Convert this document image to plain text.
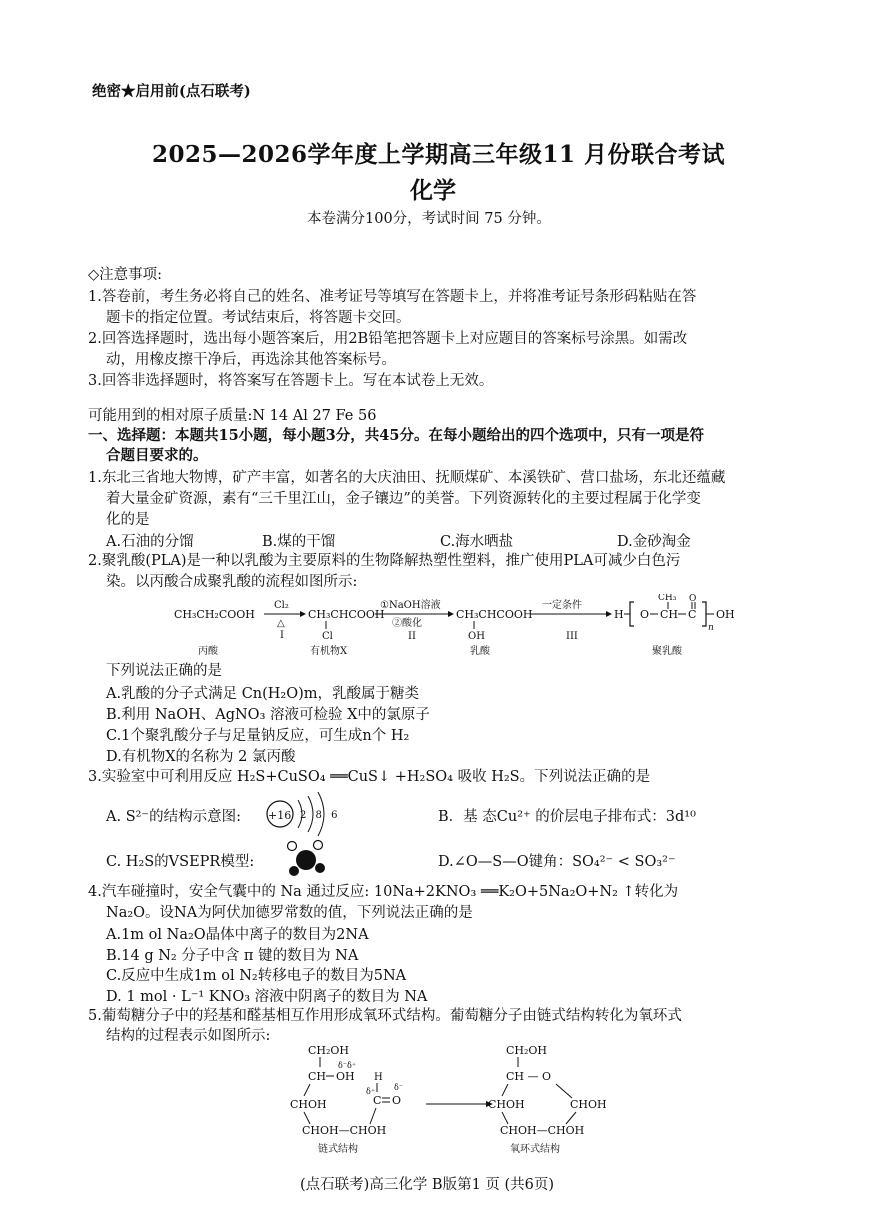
绝密★启用前(点石联考)
2025—2026学年度上学期高三年级11 月份联合考试
化学
本卷满分100分，考试时间 75 分钟。
◇注意事项:
1.答卷前，考生务必将自己的姓名、准考证号等填写在答题卡上，并将准考证号条形码粘贴在答
题卡的指定位置。考试结束后，将答题卡交回。
2.回答选择题时，选出每小题答案后，用2B铅笔把答题卡上对应题目的答案标号涂黑。如需改
动，用橡皮擦干净后，再选涂其他答案标号。
3.回答非选择题时，将答案写在答题卡上。写在本试卷上无效。
可能用到的相对原子质量:N 14 Al 27 Fe 56
一、选择题：本题共15小题，每小题3分，共45分。在每小题给出的四个选项中，只有一项是符
合题目要求的。
1.东北三省地大物博，矿产丰富，如著名的大庆油田、抚顺煤矿、本溪铁矿、营口盐场，东北还蕴藏
着大量金矿资源，素有“三千里江山，金子镶边”的美誉。下列资源转化的主要过程属于化学变
化的是
A.石油的分馏	B.煤的干馏	C.海水晒盐	D.金砂淘金
2.聚乳酸(PLA)是一种以乳酸为主要原料的生物降解热塑性塑料，推广使用PLA可减少白色污
染。以丙酸合成聚乳酸的流程如图所示:
CH₃CH₂COOH
Cl₂
△
I
CH₃CHCOOH
Cl
①NaOH溶液
②酸化
II
CH₃CHCOOH
OH
一定条件
III
H O CH
CH₃
C
O
n
OH
丙酸	有机物X	乳酸	聚乳酸
下列说法正确的是
A.乳酸的分子式满足 Cn(H₂O)m，乳酸属于糖类
B.利用 NaOH、AgNO₃ 溶液可检验 X中的氯原子
C.1个聚乳酸分子与足量钠反应，可生成n个 H₂
D.有机物X的名称为 2 氯丙酸
3.实验室中可利用反应 H₂S+CuSO₄ ══CuS↓ +H₂SO₄ 吸收 H₂S。下列说法正确的是
A. S²⁻的结构示意图: +16 2 8 6	B．基 态Cu²⁺ 的价层电子排布式：3d¹⁰
C. H₂S的VSEPR模型:	D.∠O—S—O键角：SO₄²⁻ < SO₃²⁻
4.汽车碰撞时，安全气囊中的 Na 通过反应: 10Na+2KNO₃ ══K₂O+5Na₂O+N₂ ↑转化为
Na₂O。设NA为阿伏加德罗常数的值，下列说法正确的是
A.1m ol Na₂O晶体中离子的数目为2NA
B.14 g N₂ 分子中含 π 键的数目为 NA
C.反应中生成1m ol N₂转移电子的数目为5NA
D. 1 mol · L⁻¹ KNO₃ 溶液中阴离子的数目为 NA
5.葡萄糖分子中的羟基和醛基相互作用形成氧环式结构。葡萄糖分子由链式结构转化为氧环式
结构的过程表示如图所示:
CH₂OH
CH OH
δ⁻δ⁺
H
δ⁺
C O
δ⁻
CHOH
CHOH—CHOH
链式结构
CH₂OH
CH — O
CHOH	CHOH
CHOH—CHOH
氧环式结构
(点石联考)高三化学 B版第1 页 (共6页)
